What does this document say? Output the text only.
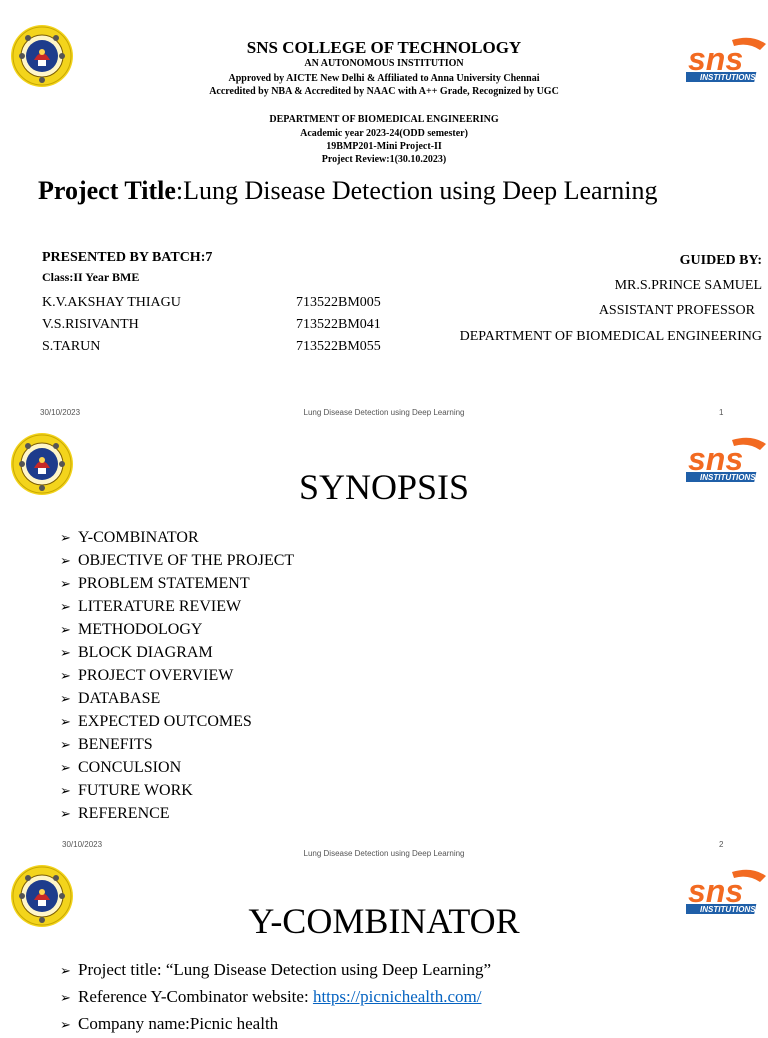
SNS COLLEGE OF TECHNOLOGY
AN AUTONOMOUS INSTITUTION
Approved by AICTE New Delhi & Affiliated to Anna University Chennai
Accredited by NBA & Accredited by NAAC with A++ Grade, Recognized by UGC
DEPARTMENT OF BIOMEDICAL ENGINEERING
Academic year 2023-24(ODD semester)
19BMP201-Mini Project-II
Project Review:1(30.10.2023)
Project Title:Lung Disease Detection using Deep Learning
PRESENTED BY BATCH:7
Class:II Year BME
K.V.AKSHAY THIAGU	713522BM005
V.S.RISIVANTH	713522BM041
S.TARUN	713522BM055
GUIDED BY:
MR.S.PRINCE SAMUEL
ASSISTANT PROFESSOR
DEPARTMENT OF BIOMEDICAL ENGINEERING
30/10/2023	Lung Disease Detection using Deep Learning	1
SYNOPSIS
➢ Y-COMBINATOR
➢ OBJECTIVE OF THE PROJECT
➢ PROBLEM STATEMENT
➢ LITERATURE REVIEW
➢ METHODOLOGY
➢ BLOCK DIAGRAM
➢ PROJECT OVERVIEW
➢ DATABASE
➢ EXPECTED OUTCOMES
➢ BENEFITS
➢ CONCULSION
➢ FUTURE WORK
➢ REFERENCE
30/10/2023
Lung Disease Detection using Deep Learning
2
Y-COMBINATOR
➢ Project title: “Lung Disease Detection using Deep Learning”
➢ Reference Y-Combinator website: https://picnichealth.com/
➢ Company name:Picnic health
